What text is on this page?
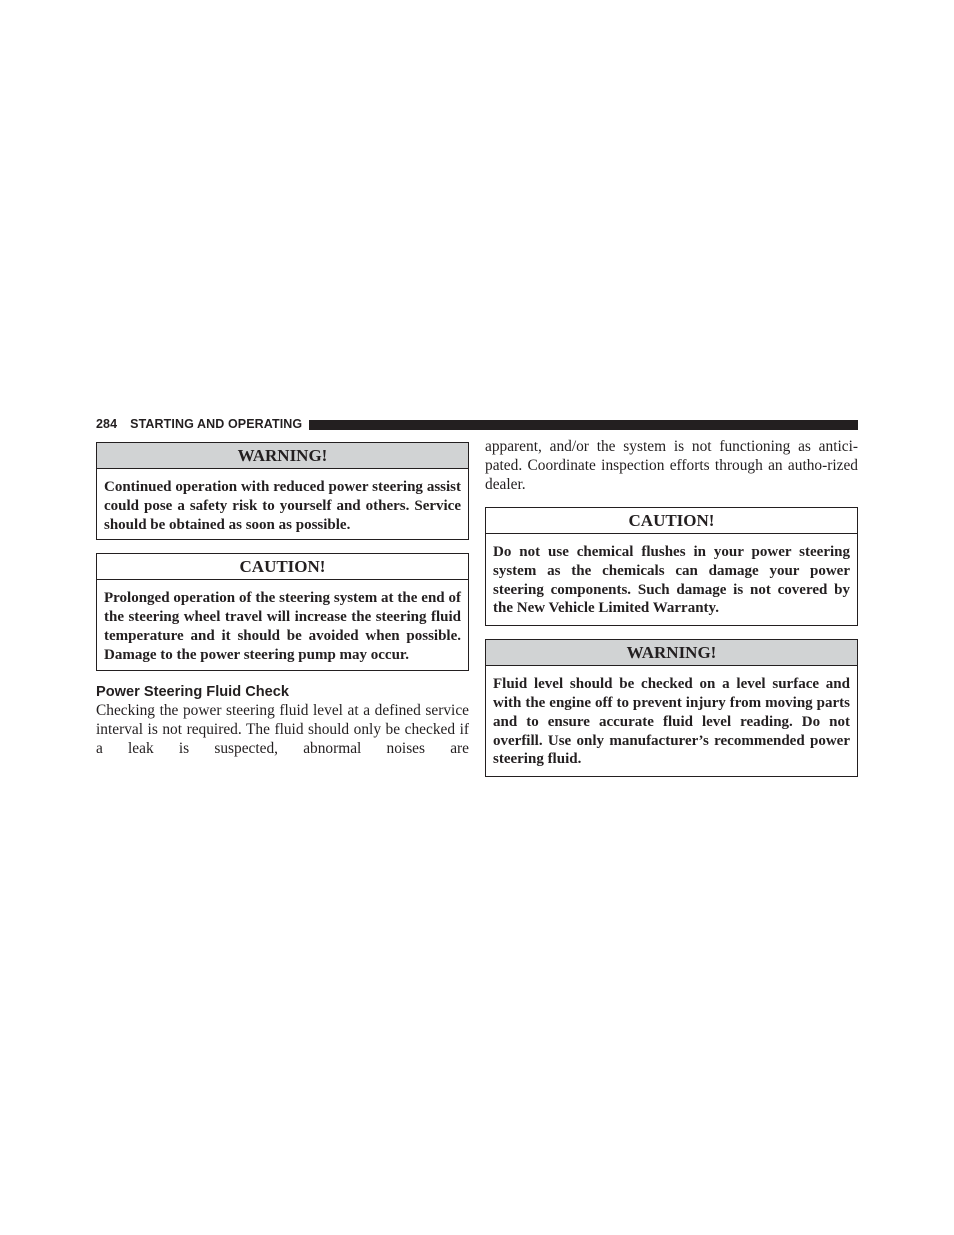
284 STARTING AND OPERATING
WARNING!
Continued operation with reduced power steering assist could pose a safety risk to yourself and others. Service should be obtained as soon as possible.
CAUTION!
Prolonged operation of the steering system at the end of the steering wheel travel will increase the steering fluid temperature and it should be avoided when possible. Damage to the power steering pump may occur.
Power Steering Fluid Check
Checking the power steering fluid level at a defined service interval is not required. The fluid should only be checked if a leak is suspected, abnormal noises are
apparent, and/or the system is not functioning as antici-pated. Coordinate inspection efforts through an autho-rized dealer.
CAUTION!
Do not use chemical flushes in your power steering system as the chemicals can damage your power steering components. Such damage is not covered by the New Vehicle Limited Warranty.
WARNING!
Fluid level should be checked on a level surface and with the engine off to prevent injury from moving parts and to ensure accurate fluid level reading. Do not overfill. Use only manufacturer’s recommended power steering fluid.
